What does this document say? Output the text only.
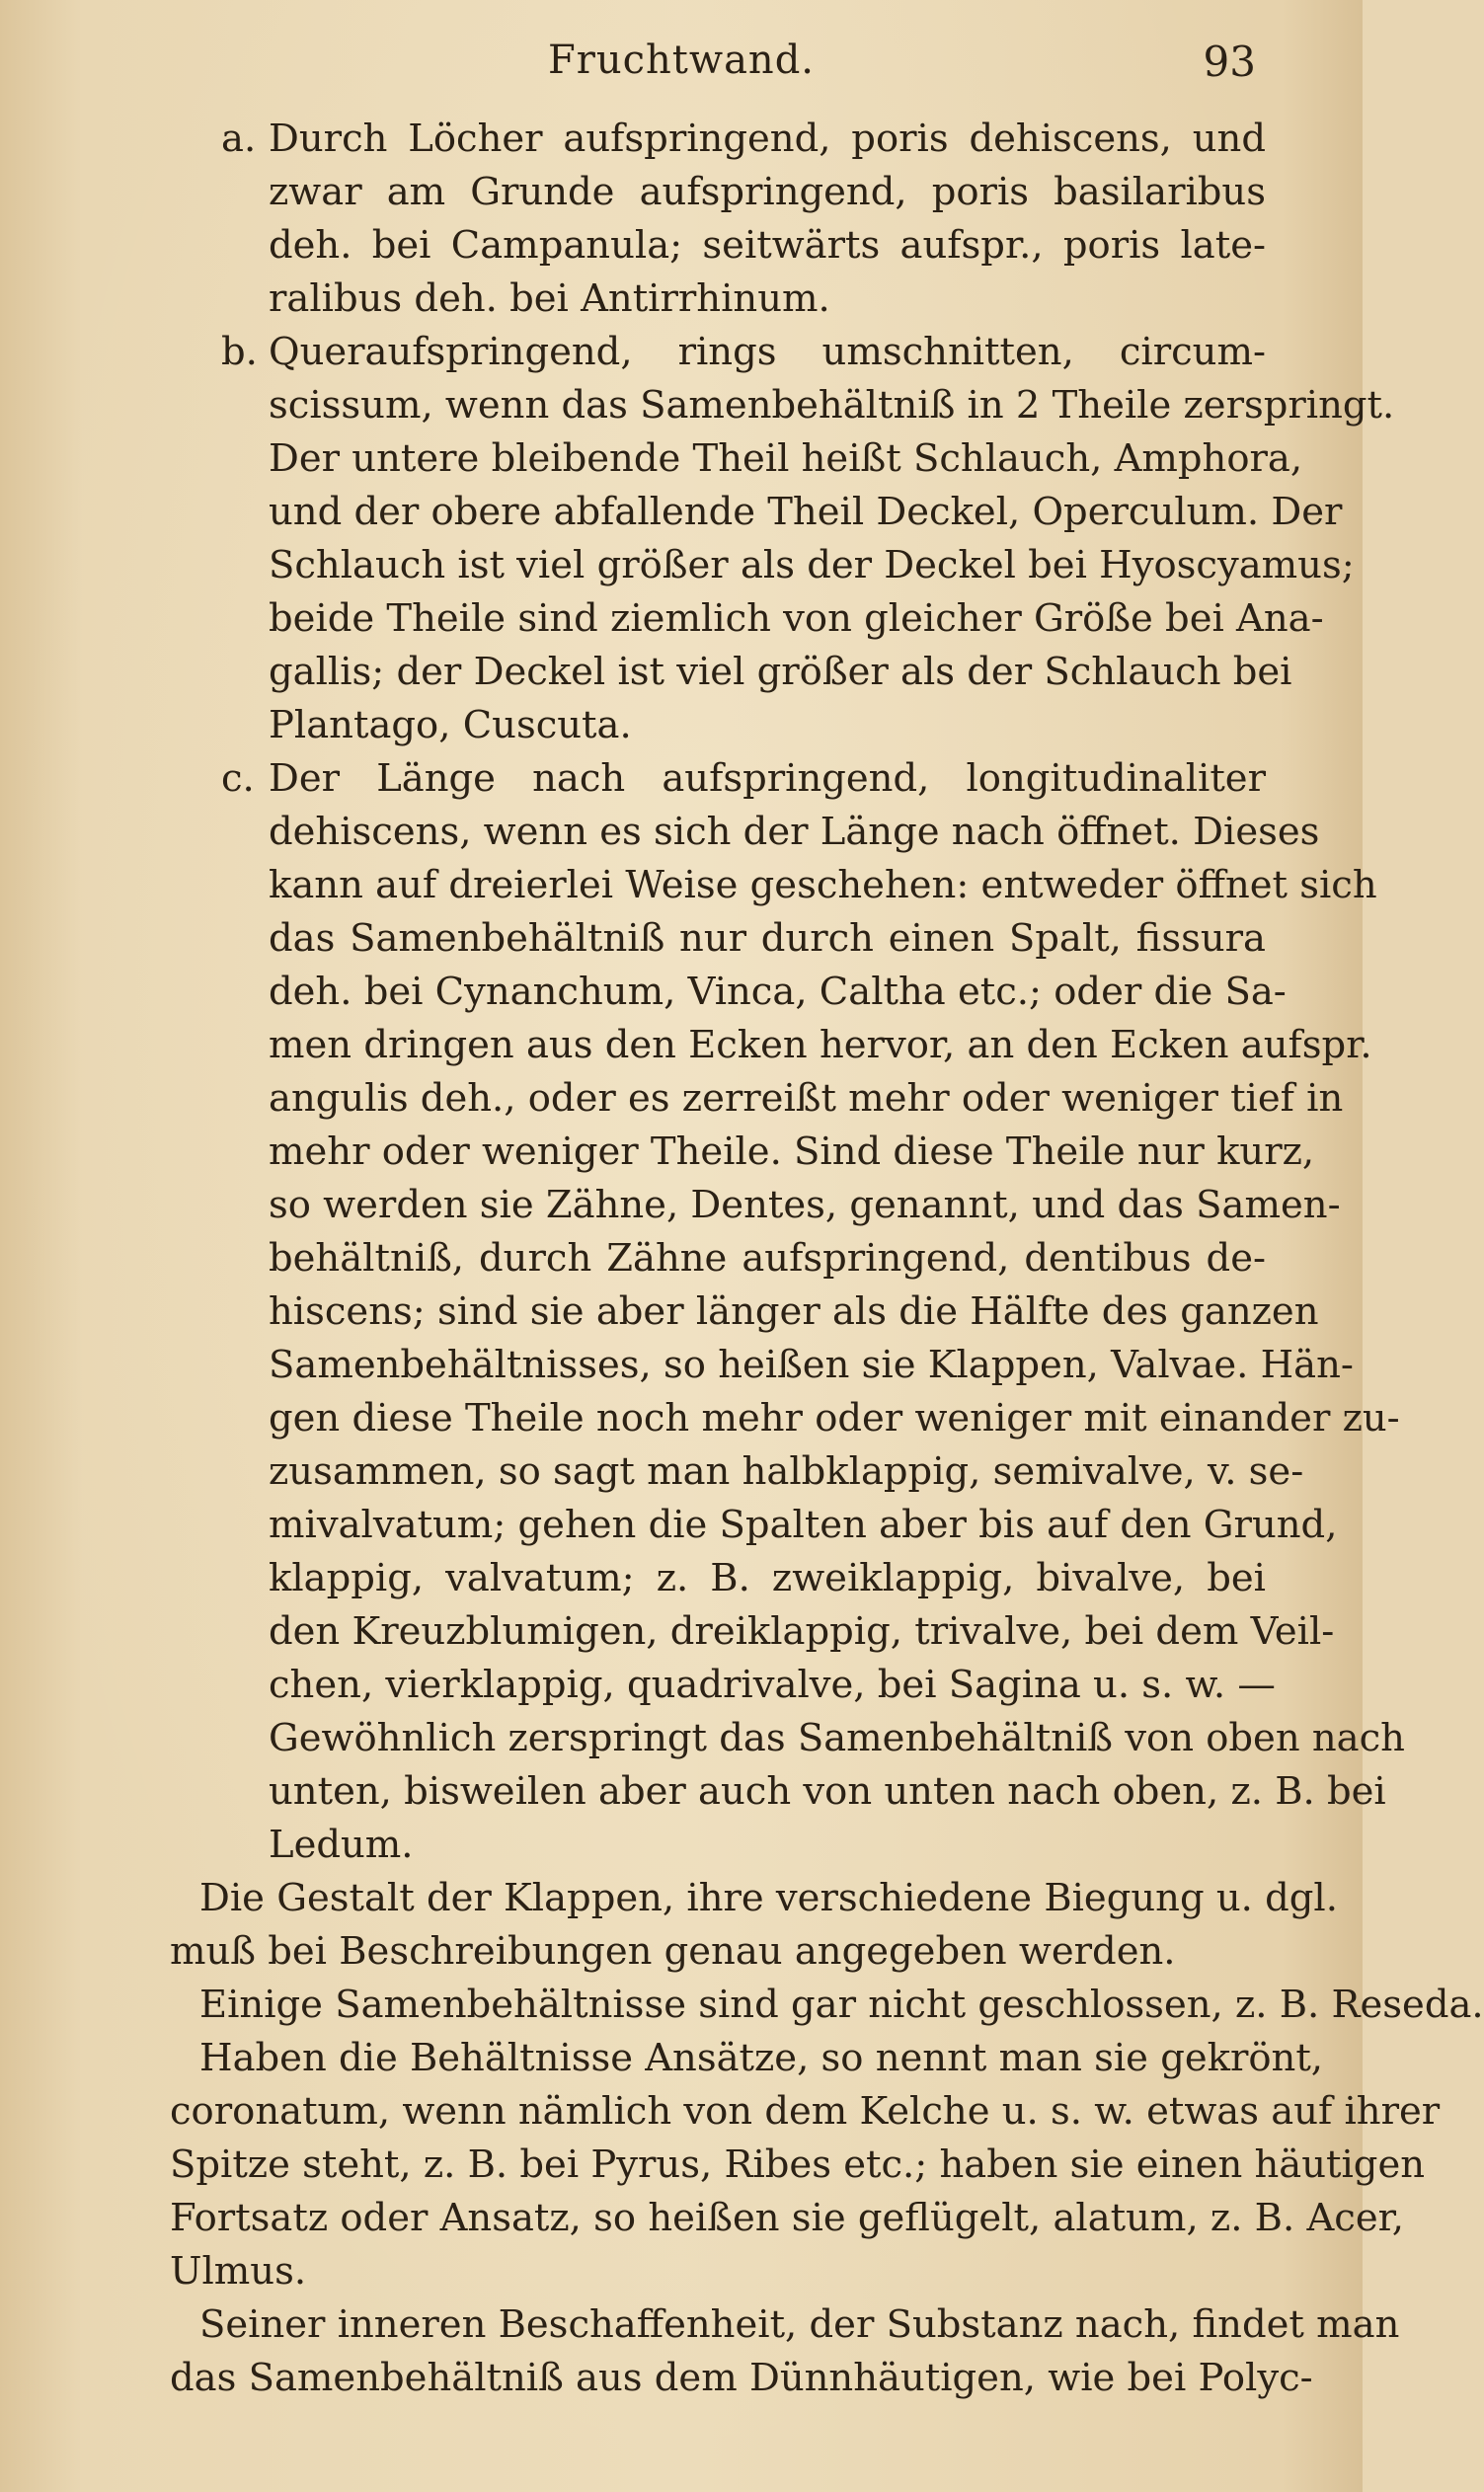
Fruchtwand.	93
a. Durch Löcher aufspringend, poris dehiscens, und
zwar am Grunde aufspringend, poris basilaribus
deh. bei Campanula; seitwärts aufspr., poris late-
ralibus deh. bei Antirrhinum.
b. Queraufspringend, rings umschnitten, circum-
scissum, wenn das Samenbehältniß in 2 Theile zerspringt.
Der untere bleibende Theil heißt Schlauch, Amphora,
und der obere abfallende Theil Deckel, Operculum. Der
Schlauch ist viel größer als der Deckel bei Hyoscyamus;
beide Theile sind ziemlich von gleicher Größe bei Ana-
gallis; der Deckel ist viel größer als der Schlauch bei
Plantago, Cuscuta.
c. Der Länge nach aufspringend, longitudinaliter
dehiscens, wenn es sich der Länge nach öffnet. Dieses
kann auf dreierlei Weise geschehen: entweder öffnet sich
das Samenbehältniß nur durch einen Spalt, fissura
deh. bei Cynanchum, Vinca, Caltha etc.; oder die Sa-
men dringen aus den Ecken hervor, an den Ecken aufspr.
angulis deh., oder es zerreißt mehr oder weniger tief in
mehr oder weniger Theile. Sind diese Theile nur kurz,
so werden sie Zähne, Dentes, genannt, und das Samen-
behältniß, durch Zähne aufspringend, dentibus de-
hiscens; sind sie aber länger als die Hälfte des ganzen
Samenbehältnisses, so heißen sie Klappen, Valvae. Hän-
gen diese Theile noch mehr oder weniger mit einander zu-
zusammen, so sagt man halbklappig, semivalve, v. se-
mivalvatum; gehen die Spalten aber bis auf den Grund,
klappig, valvatum; z. B. zweiklappig, bivalve, bei
den Kreuzblumigen, dreiklappig, trivalve, bei dem Veil-
chen, vierklappig, quadrivalve, bei Sagina u. s. w. —
Gewöhnlich zerspringt das Samenbehältniß von oben nach
unten, bisweilen aber auch von unten nach oben, z. B. bei
Ledum.
Die Gestalt der Klappen, ihre verschiedene Biegung u. dgl.
muß bei Beschreibungen genau angegeben werden.
Einige Samenbehältnisse sind gar nicht geschlossen, z. B. Reseda.
Haben die Behältnisse Ansätze, so nennt man sie gekrönt,
coronatum, wenn nämlich von dem Kelche u. s. w. etwas auf ihrer
Spitze steht, z. B. bei Pyrus, Ribes etc.; haben sie einen häutigen
Fortsatz oder Ansatz, so heißen sie geflügelt, alatum, z. B. Acer,
Ulmus.
Seiner inneren Beschaffenheit, der Substanz nach, findet man
das Samenbehältniß aus dem Dünnhäutigen, wie bei Polyc-
